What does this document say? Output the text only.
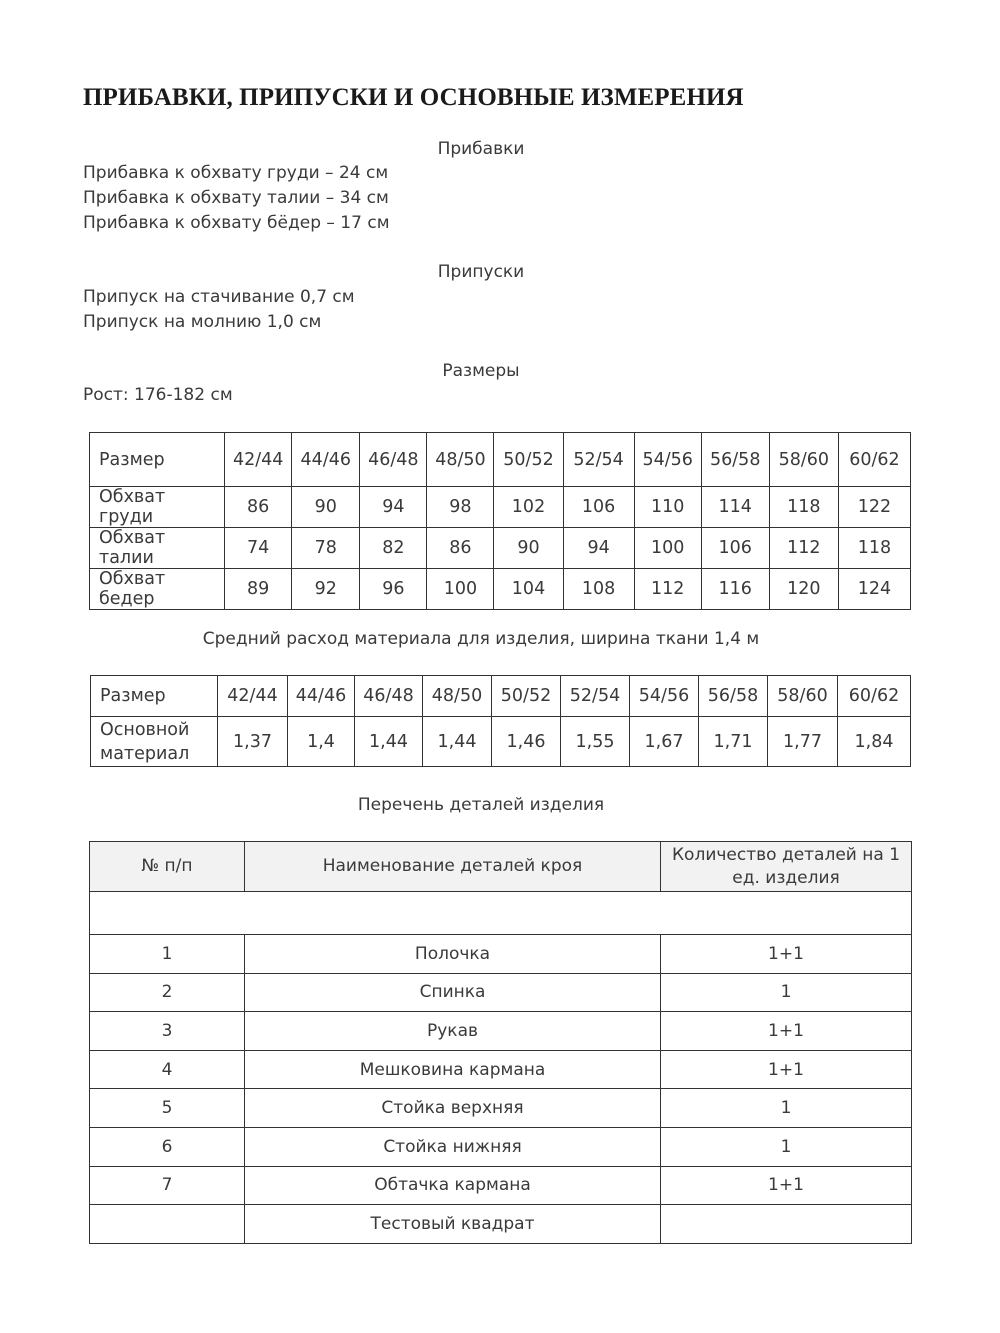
ПРИБАВКИ, ПРИПУСКИ И ОСНОВНЫЕ ИЗМЕРЕНИЯ
Прибавки
Прибавка к обхвату груди – 24 см
Прибавка к обхвату талии – 34 см
Прибавка к обхвату бёдер – 17 см
Припуски
Припуск на стачивание 0,7 см
Припуск на молнию 1,0 см
Размеры
Рост: 176-182 см
Размер	42/44	44/46	46/48	48/50	50/52	52/54	54/56	56/58	58/60	60/62
Обхват груди	86	90	94	98	102	106	110	114	118	122
Обхват талии	74	78	82	86	90	94	100	106	112	118
Обхват бедер	89	92	96	100	104	108	112	116	120	124
Средний расход материала для изделия, ширина ткани 1,4 м
Размер	42/44	44/46	46/48	48/50	50/52	52/54	54/56	56/58	58/60	60/62
Основной материал	1,37	1,4	1,44	1,44	1,46	1,55	1,67	1,71	1,77	1,84
Перечень деталей изделия
№ п/п	Наименование деталей кроя	Количество деталей на 1 ед. изделия

1	Полочка	1+1
2	Спинка	1
3	Рукав	1+1
4	Мешковина кармана	1+1
5	Стойка верхняя	1
6	Стойка нижняя	1
7	Обтачка кармана	1+1
	Тестовый квадрат	
